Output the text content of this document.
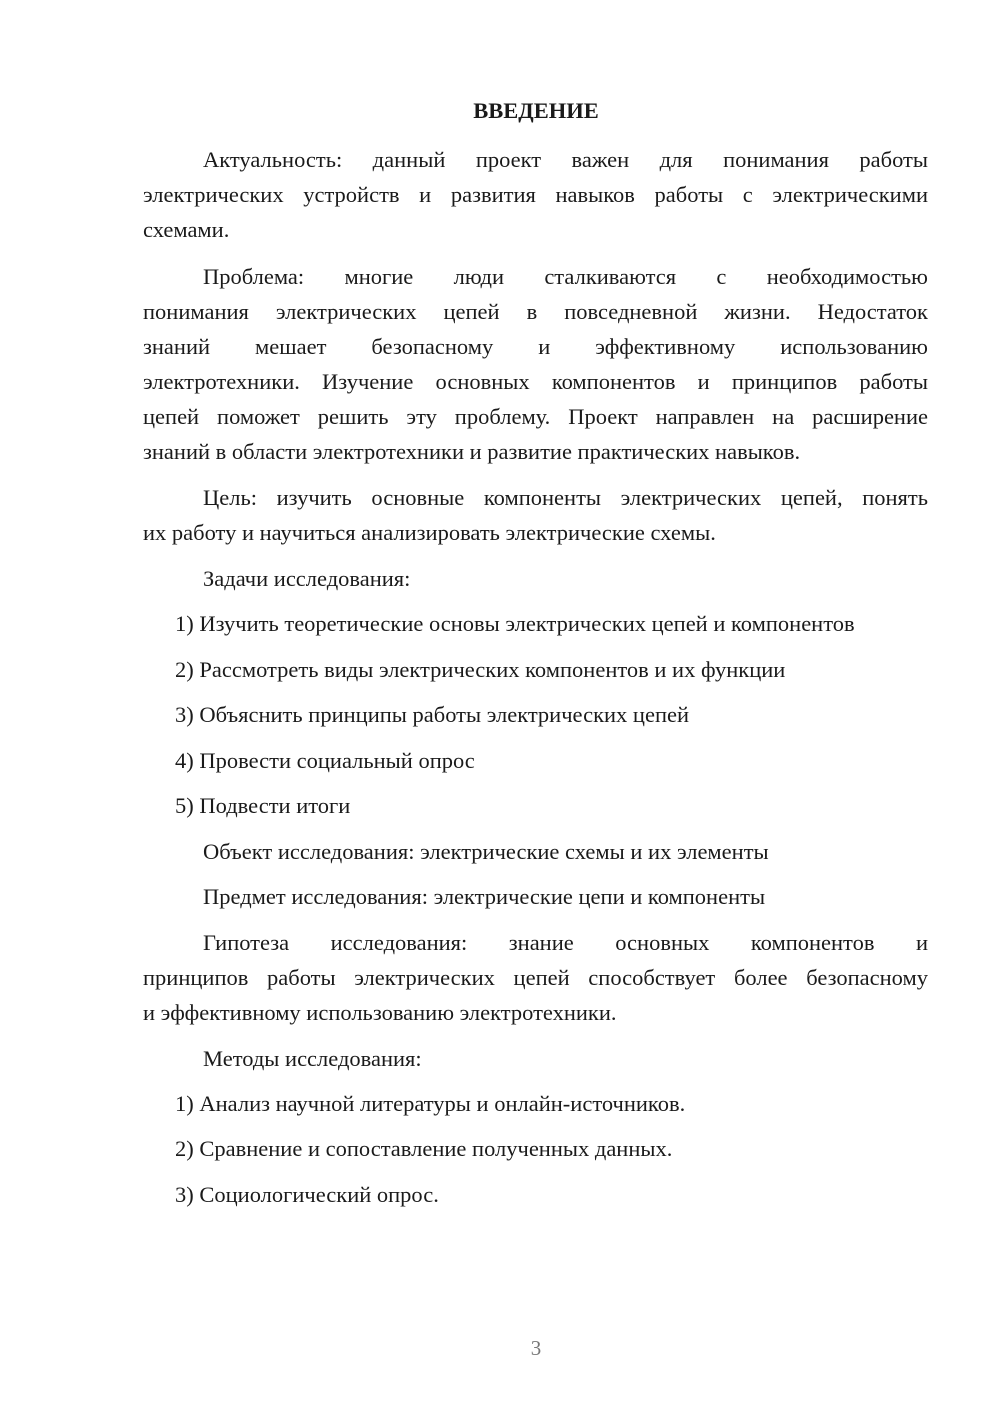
ВВЕДЕНИЕ
Актуальность: данный проект важен для понимания работы
электрических устройств и развития навыков работы с электрическими
схемами.
Проблема: многие люди сталкиваются с необходимостью
понимания электрических цепей в повседневной жизни. Недостаток
знаний мешает безопасному и эффективному использованию
электротехники. Изучение основных компонентов и принципов работы
цепей поможет решить эту проблему. Проект направлен на расширение
знаний в области электротехники и развитие практических навыков.
Цель: изучить основные компоненты электрических цепей, понять
их работу и научиться анализировать электрические схемы.
Задачи исследования:
1) Изучить теоретические основы электрических цепей и компонентов
2) Рассмотреть виды электрических компонентов и их функции
3) Объяснить принципы работы электрических цепей
4) Провести социальный опрос
5) Подвести итоги
Объект исследования: электрические схемы и их элементы
Предмет исследования: электрические цепи и компоненты
Гипотеза исследования: знание основных компонентов и
принципов работы электрических цепей способствует более безопасному
и эффективному использованию электротехники.
Методы исследования:
1) Анализ научной литературы и онлайн-источников.
2) Сравнение и сопоставление полученных данных.
3) Социологический опрос.
3
